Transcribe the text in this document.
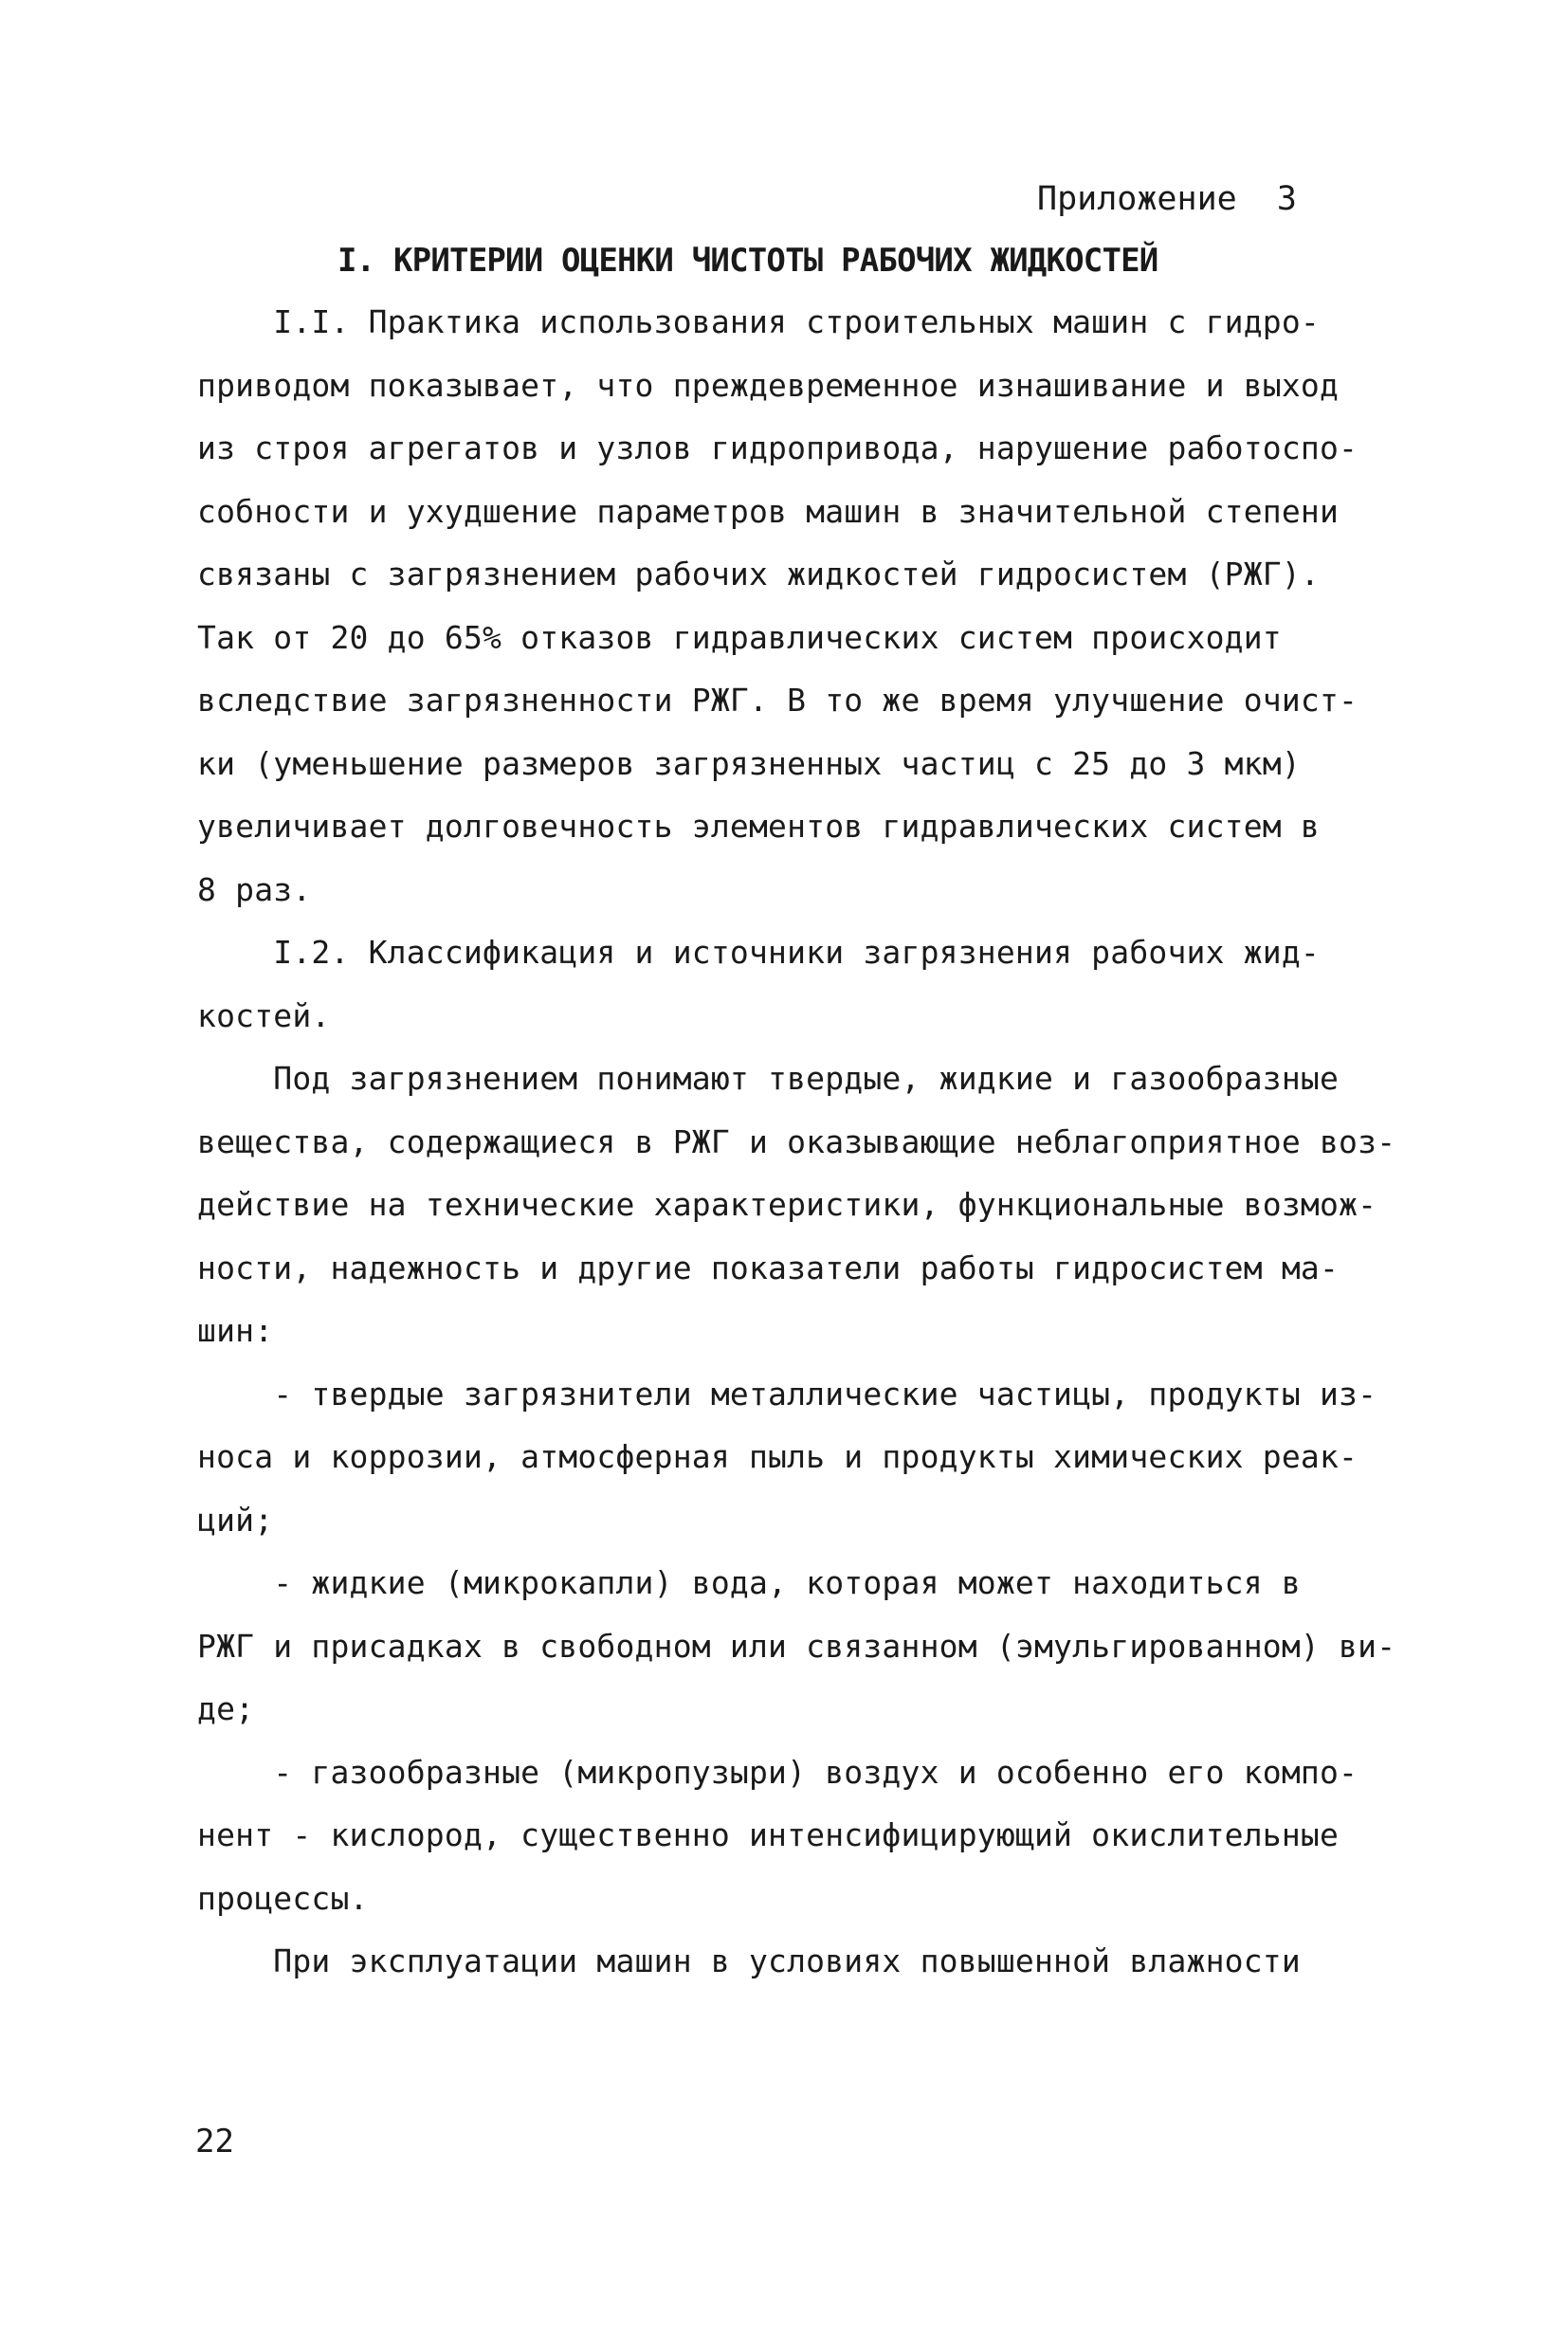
Приложение  3
I. КРИТЕРИИ ОЦЕНКИ ЧИСТОТЫ РАБОЧИХ ЖИДКОСТЕЙ
I.I. Практика использования строительных машин с гидро-
приводом показывает, что преждевременное изнашивание и выход
из строя агрегатов и узлов гидропривода, нарушение работоспо-
собности и ухудшение параметров машин в значительной степени
связаны с загрязнением рабочих жидкостей гидросистем (РЖГ).
Так от 20 до 65% отказов гидравлических систем происходит
вследствие загрязненности РЖГ. В то же время улучшение очист-
ки (уменьшение размеров загрязненных частиц с 25 до 3 мкм)
увеличивает долговечность элементов гидравлических систем в
8 раз.
I.2. Классификация и источники загрязнения рабочих жид-
костей.
Под загрязнением понимают твердые, жидкие и газообразные
вещества, содержащиеся в РЖГ и оказывающие неблагоприятное воз-
действие на технические характеристики, функциональные возмож-
ности, надежность и другие показатели работы гидросистем ма-
шин:
- твердые загрязнители металлические частицы, продукты из-
носа и коррозии, атмосферная пыль и продукты химических реак-
ций;
- жидкие (микрокапли) вода, которая может находиться в
РЖГ и присадках в свободном или связанном (эмульгированном) ви-
де;
- газообразные (микропузыри) воздух и особенно его компо-
нент - кислород, существенно интенсифицирующий окислительные
процессы.
При эксплуатации машин в условиях повышенной влажности
22
